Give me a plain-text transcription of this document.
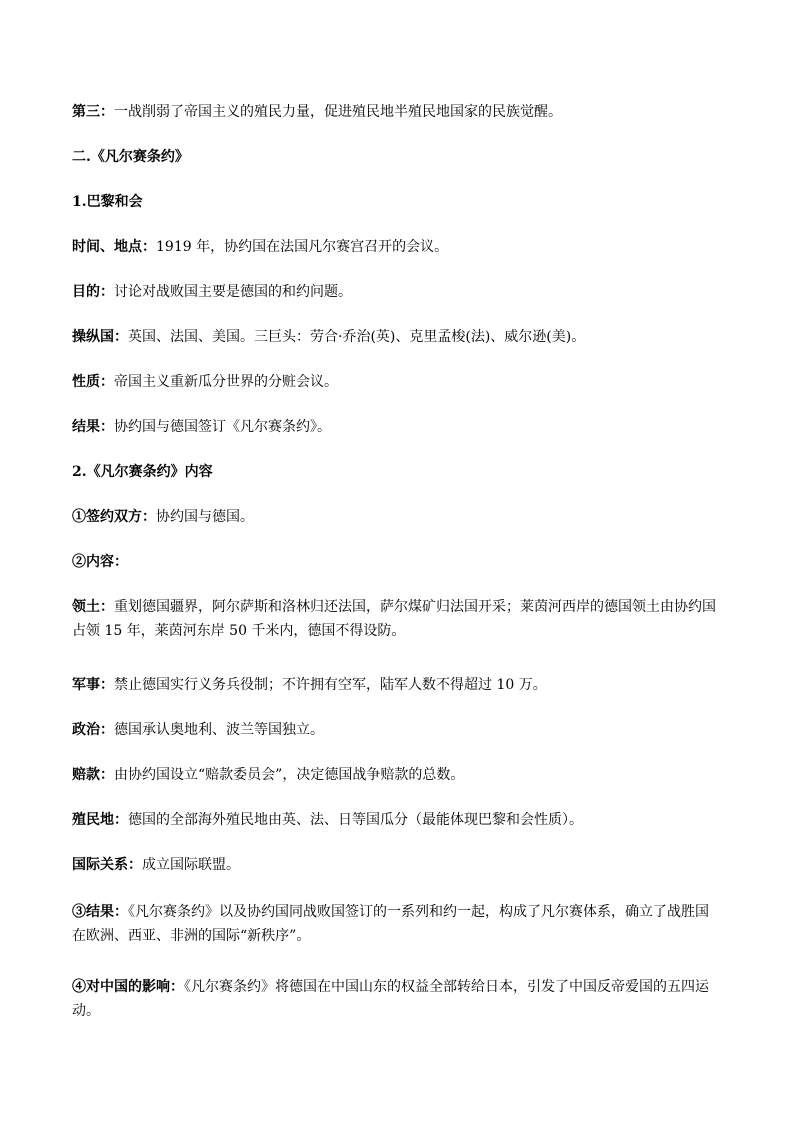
第三：一战削弱了帝国主义的殖民力量，促进殖民地半殖民地国家的民族觉醒。
二.《凡尔赛条约》
1.巴黎和会
时间、地点：1919 年，协约国在法国凡尔赛宫召开的会议。
目的：讨论对战败国主要是德国的和约问题。
操纵国：英国、法国、美国。三巨头：劳合·乔治(英)、克里孟梭(法)、威尔逊(美)。
性质：帝国主义重新瓜分世界的分赃会议。
结果：协约国与德国签订《凡尔赛条约》。
2.《凡尔赛条约》内容
①签约双方：协约国与德国。
②内容：
领土：重划德国疆界，阿尔萨斯和洛林归还法国，萨尔煤矿归法国开采；莱茵河西岸的德国领土由协约国占领 15 年，莱茵河东岸 50 千米内，德国不得设防。
军事：禁止德国实行义务兵役制；不许拥有空军，陆军人数不得超过 10 万。
政治：德国承认奥地利、波兰等国独立。
赔款：由协约国设立“赔款委员会”，决定德国战争赔款的总数。
殖民地：德国的全部海外殖民地由英、法、日等国瓜分（最能体现巴黎和会性质）。
国际关系：成立国际联盟。
③结果：《凡尔赛条约》以及协约国同战败国签订的一系列和约一起，构成了凡尔赛体系，确立了战胜国在欧洲、西亚、非洲的国际“新秩序”。
④对中国的影响：《凡尔赛条约》将德国在中国山东的权益全部转给日本，引发了中国反帝爱国的五四运动。
